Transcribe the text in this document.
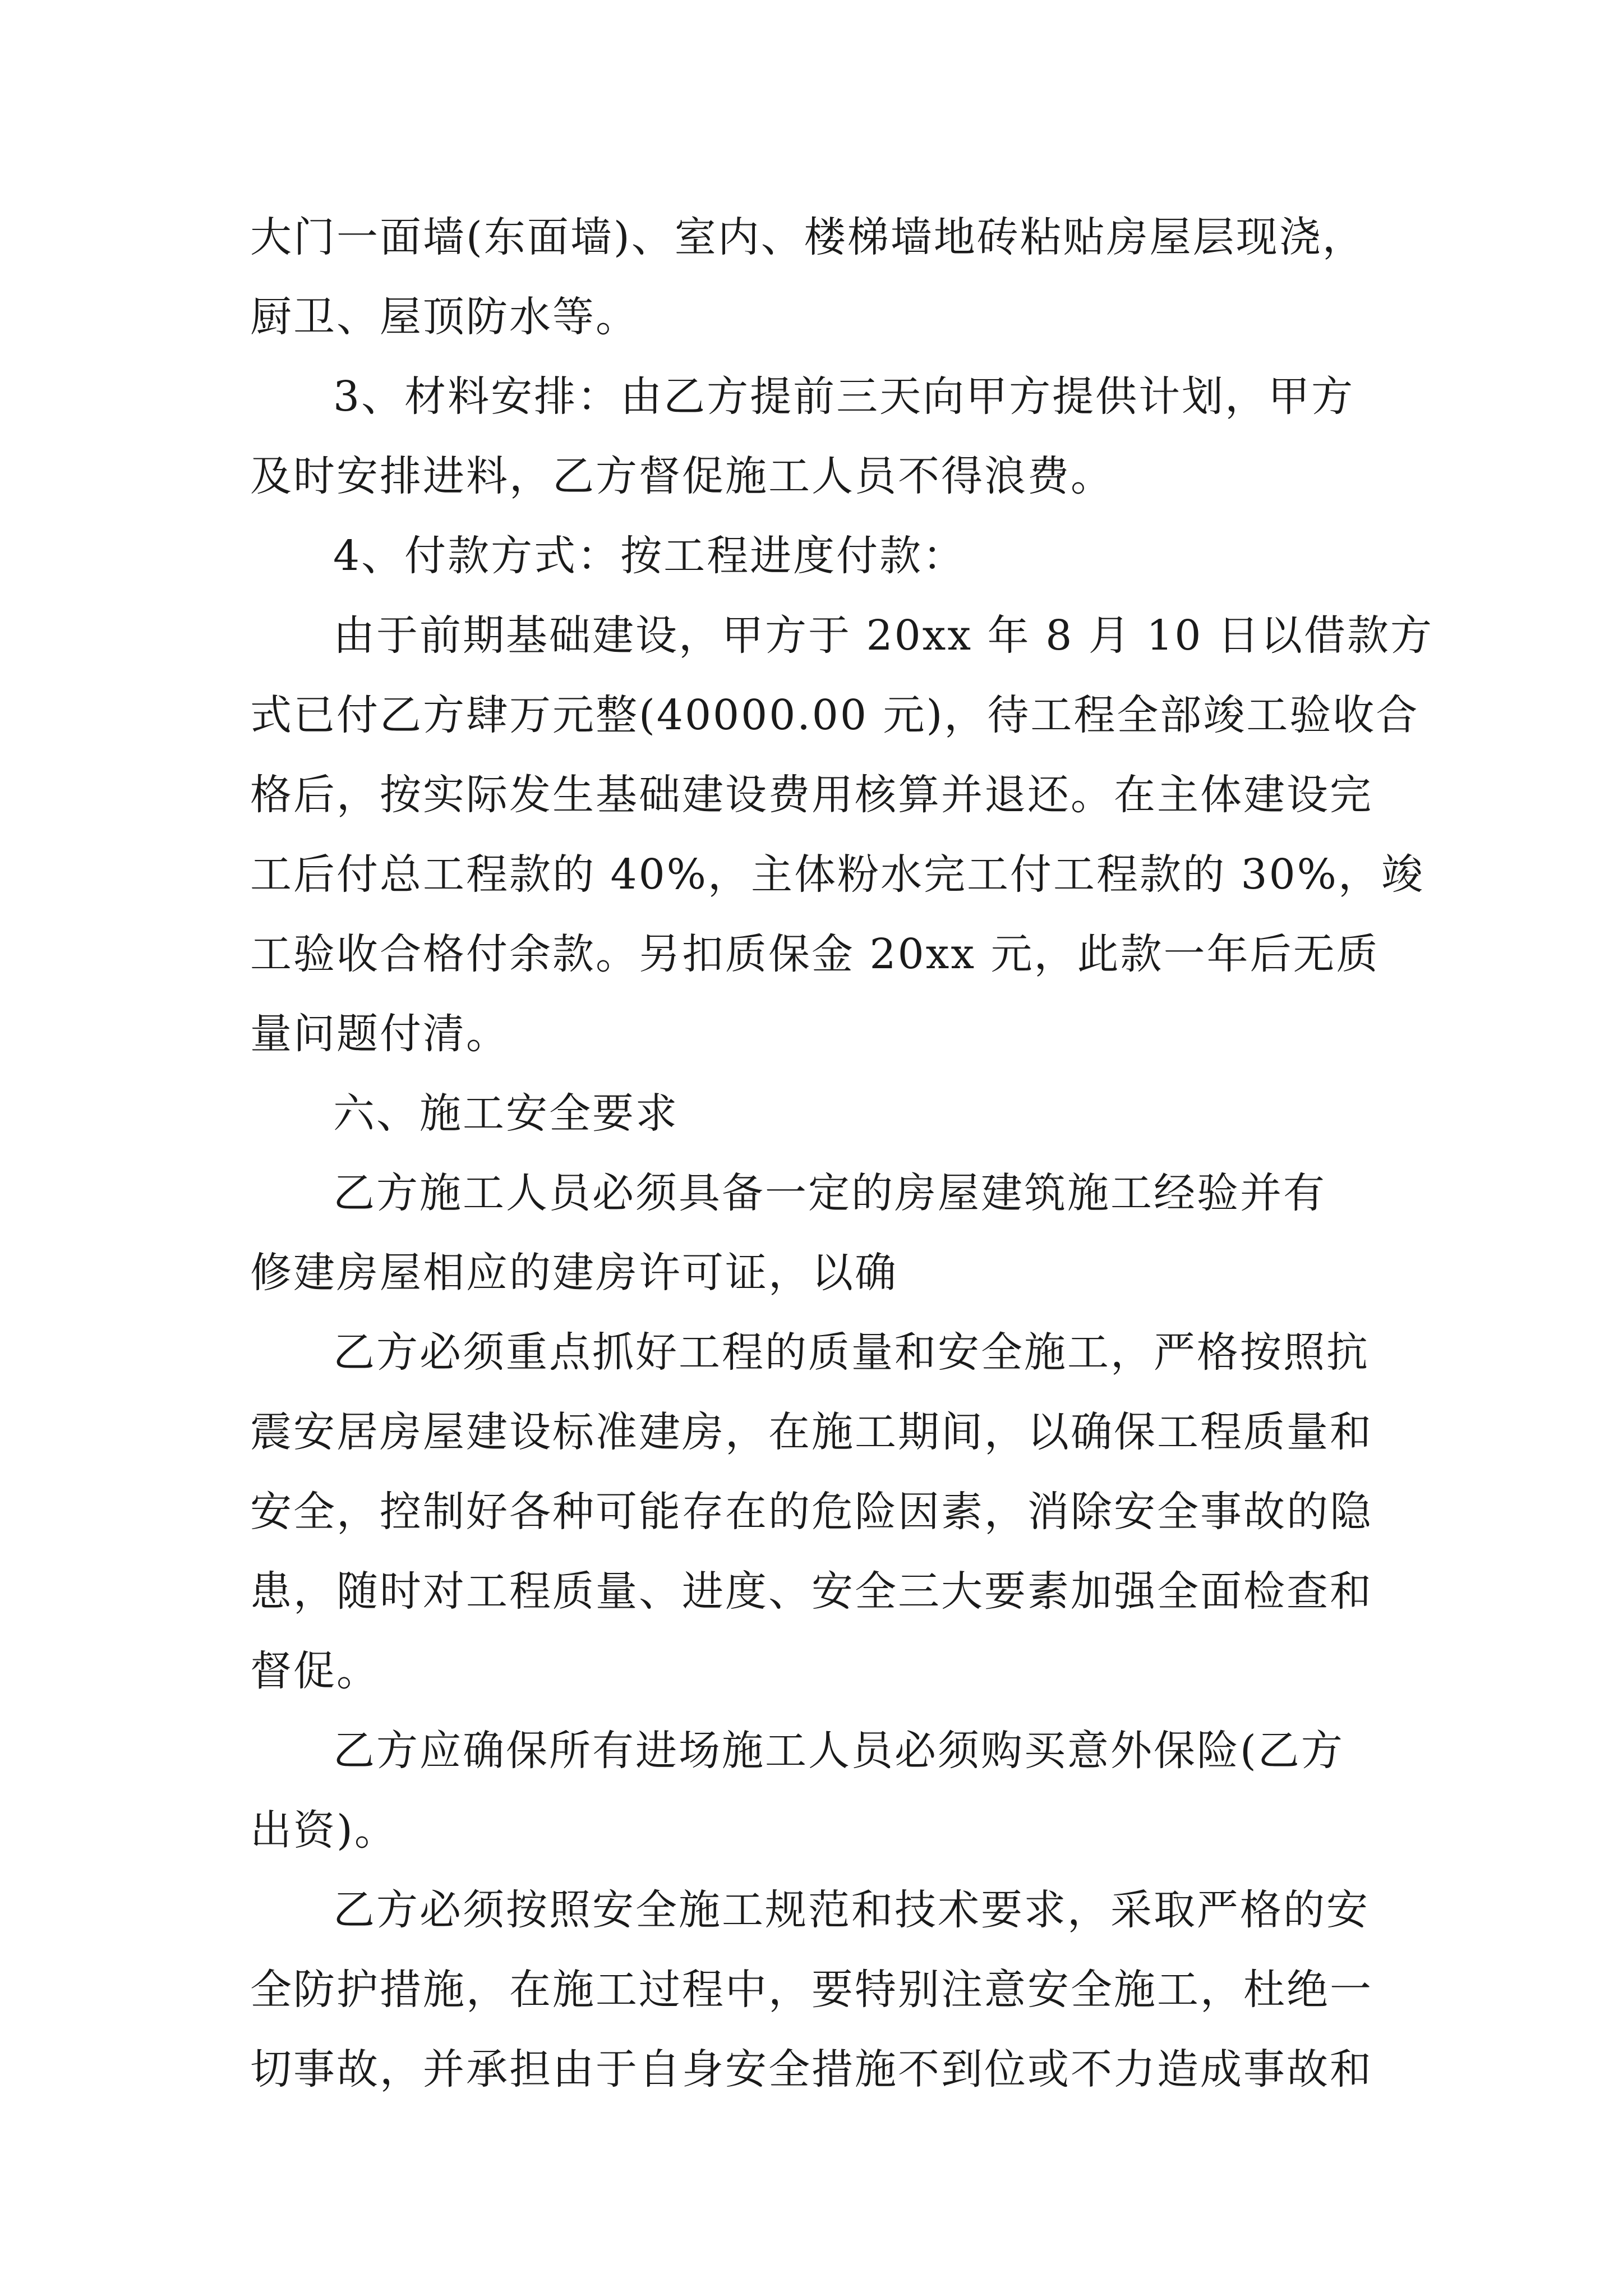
大门一面墙(东面墙)、室内、楼梯墙地砖粘贴房屋层现浇，
厨卫、屋顶防水等。
3、材料安排：由乙方提前三天向甲方提供计划，甲方
及时安排进料，乙方督促施工人员不得浪费。
4、付款方式：按工程进度付款：
由于前期基础建设，甲方于 20xx 年 8 月 10 日以借款方
式已付乙方肆万元整(40000.00 元)，待工程全部竣工验收合
格后，按实际发生基础建设费用核算并退还。在主体建设完
工后付总工程款的 40%，主体粉水完工付工程款的 30%，竣
工验收合格付余款。另扣质保金 20xx 元，此款一年后无质
量问题付清。
六、施工安全要求
乙方施工人员必须具备一定的房屋建筑施工经验并有
修建房屋相应的建房许可证，以确
乙方必须重点抓好工程的质量和安全施工，严格按照抗
震安居房屋建设标准建房，在施工期间，以确保工程质量和
安全，控制好各种可能存在的危险因素，消除安全事故的隐
患，随时对工程质量、进度、安全三大要素加强全面检查和
督促。
乙方应确保所有进场施工人员必须购买意外保险(乙方
出资)。
乙方必须按照安全施工规范和技术要求，采取严格的安
全防护措施，在施工过程中，要特别注意安全施工，杜绝一
切事故，并承担由于自身安全措施不到位或不力造成事故和
